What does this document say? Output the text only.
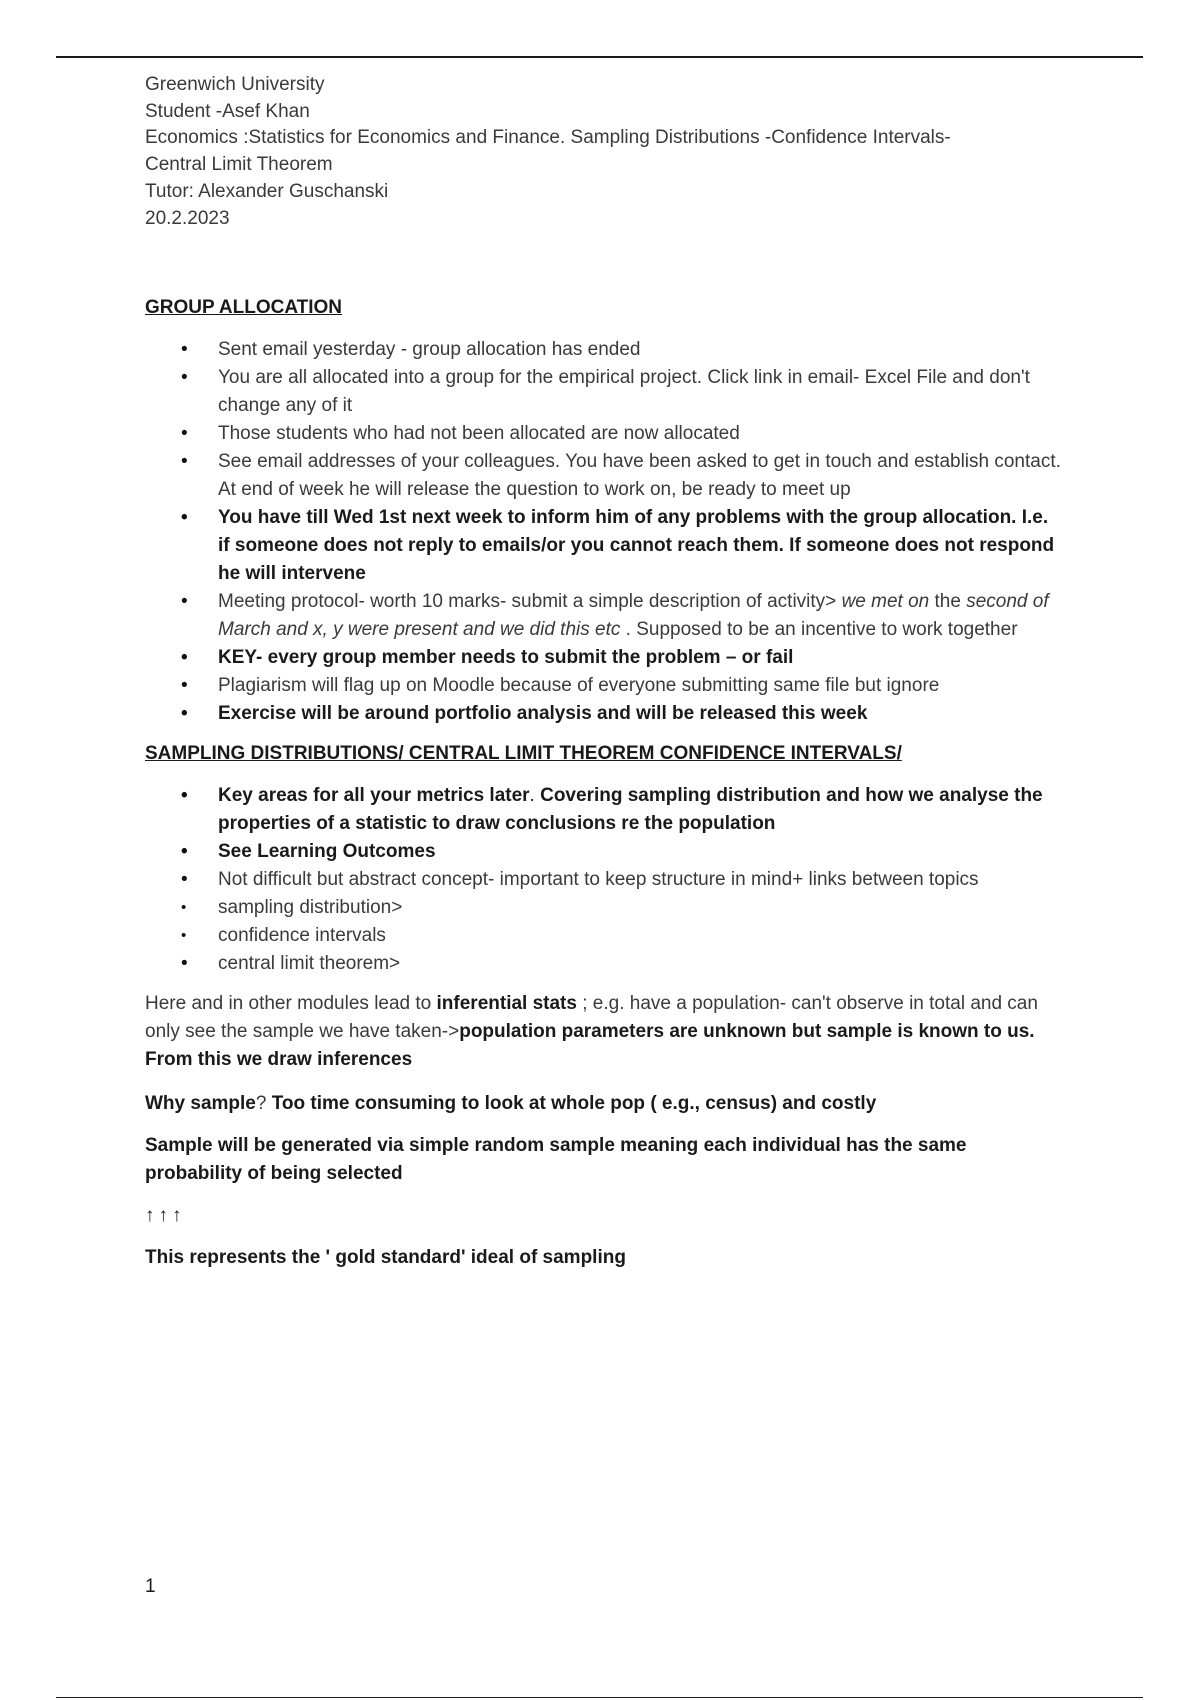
Greenwich University

Student -Asef Khan

Economics :Statistics for Economics and Finance. Sampling Distributions -Confidence Intervals-

Central Limit Theorem

Tutor: Alexander Guschanski

20.2.2023

GROUP ALLOCATION
• Sent email yesterday - group allocation has ended
• You are all allocated into a group for the empirical project. Click link in email- Excel File and don't change any of it
• Those students who had not been allocated are now allocated
• See email addresses of your colleagues. You have been asked to get in touch and establish contact. At end of week he will release the question to work on, be ready to meet up
• You have till Wed 1st next week to inform him of any problems with the group allocation. I.e. if someone does not reply to emails/or you cannot reach them. If someone does not respond he will intervene
• Meeting protocol- worth 10 marks- submit a simple description of activity> we met on the second of March and x, y were present and we did this etc . Supposed to be an incentive to work together
• KEY- every group member needs to submit the problem – or fail
• Plagiarism will flag up on Moodle because of everyone submitting same file but ignore
• Exercise will be around portfolio analysis and will be released this week
SAMPLING DISTRIBUTIONS/ CENTRAL LIMIT THEOREM CONFIDENCE INTERVALS/
• Key areas for all your metrics later. Covering sampling distribution and how we analyse the properties of a statistic to draw conclusions re the population
• See Learning Outcomes
• Not difficult but abstract concept- important to keep structure in mind+ links between topics
• sampling distribution>
• confidence intervals
• central limit theorem>

Here and in other modules lead to inferential stats ; e.g. have a population- can't observe in total and can only see the sample we have taken->population parameters are unknown but sample is known to us. From this we draw inferences

Why sample? Too time consuming to look at whole pop ( e.g., census) and costly

Sample will be generated via simple random sample meaning each individual has the same probability of being selected

↑↑↑

This represents the ' gold standard' ideal of sampling

1
